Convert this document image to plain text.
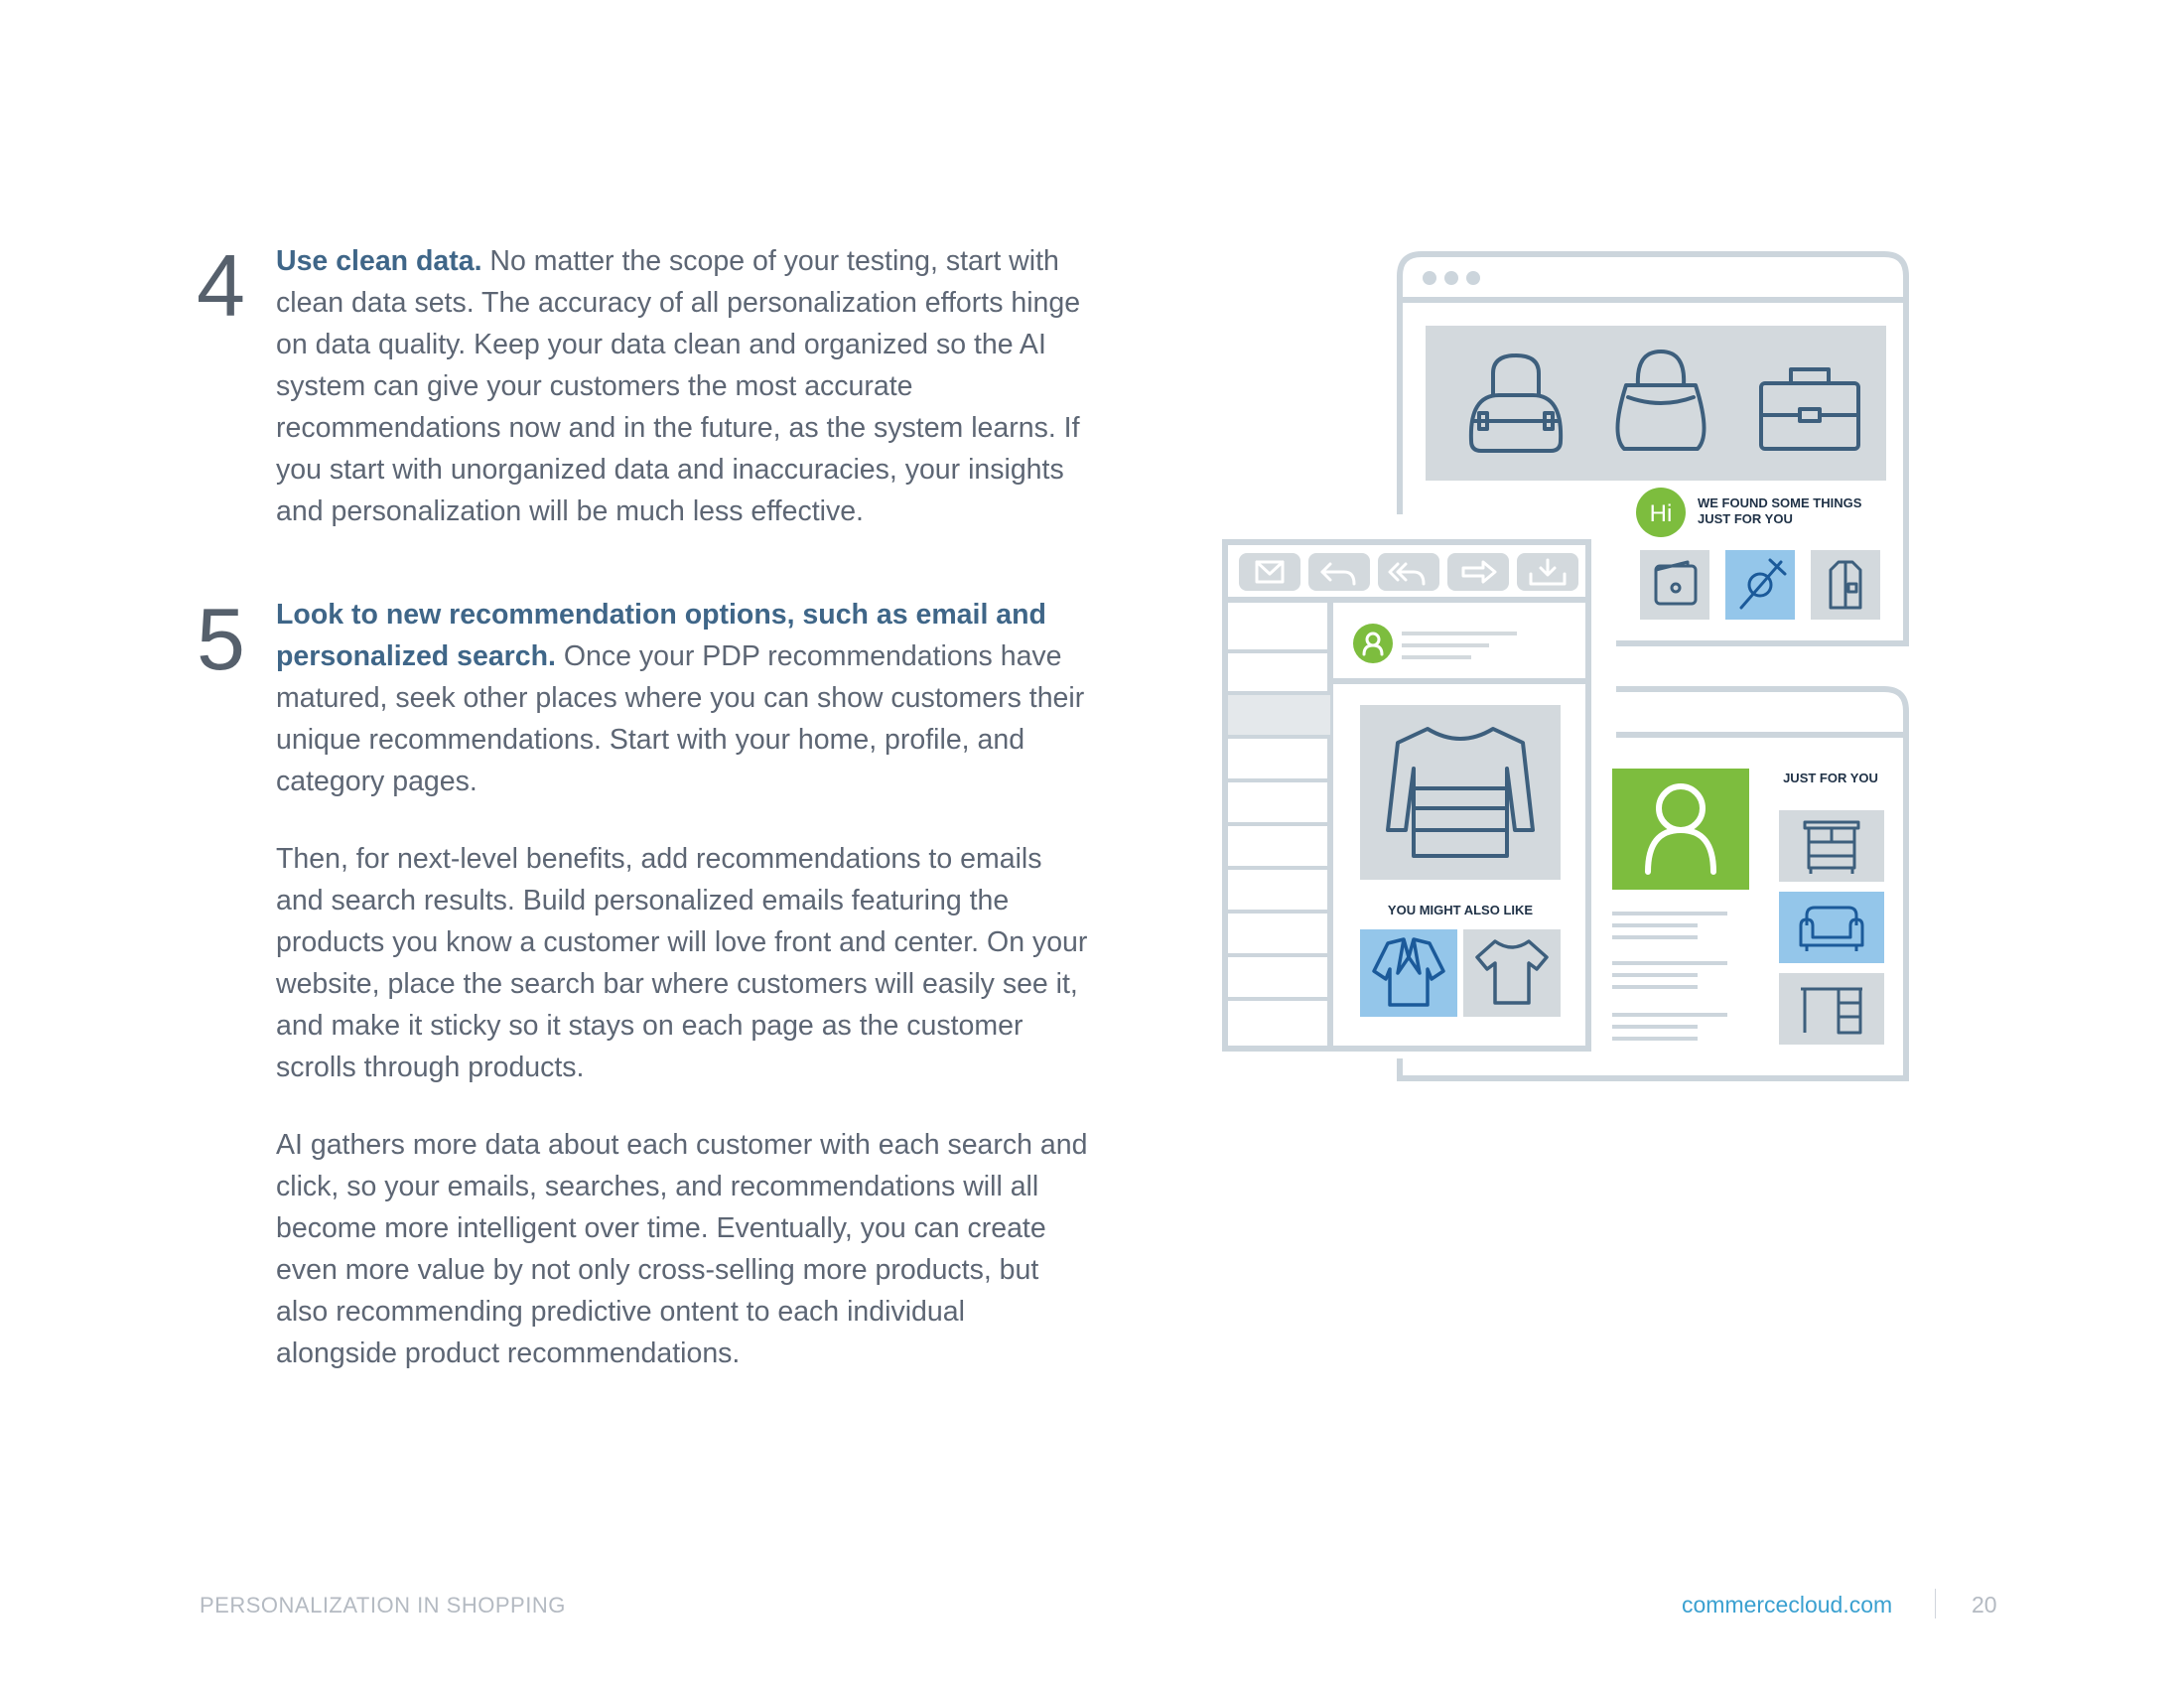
4 Use clean data. No matter the scope of your testing, start with clean data sets. The accuracy of all personalization efforts hinge on data quality. Keep your data clean and organized so the AI system can give your customers the most accurate recommendations now and in the future, as the system learns. If you start with unorganized data and inaccuracies, your insights and personalization will be much less effective.

5 Look to new recommendation options, such as email and personalized search. Once your PDP recommendations have matured, seek other places where you can show customers their unique recommendations. Start with your home, profile, and category pages.

Then, for next-level benefits, add recommendations to emails and search results. Build personalized emails featuring the products you know a customer will love front and center. On your website, place the search bar where customers will easily see it, and make it sticky so it stays on each page as the customer scrolls through products.

AI gathers more data about each customer with each search and click, so your emails, searches, and recommendations will all become more intelligent over time. Eventually, you can create even more value by not only cross-selling more products, but also recommending predictive ontent to each individual alongside product recommendations.

Hi WE FOUND SOME THINGS
JUST FOR YOU
YOU MIGHT ALSO LIKE
JUST FOR YOU
PERSONALIZATION IN SHOPPING	commercecloud.com	20
